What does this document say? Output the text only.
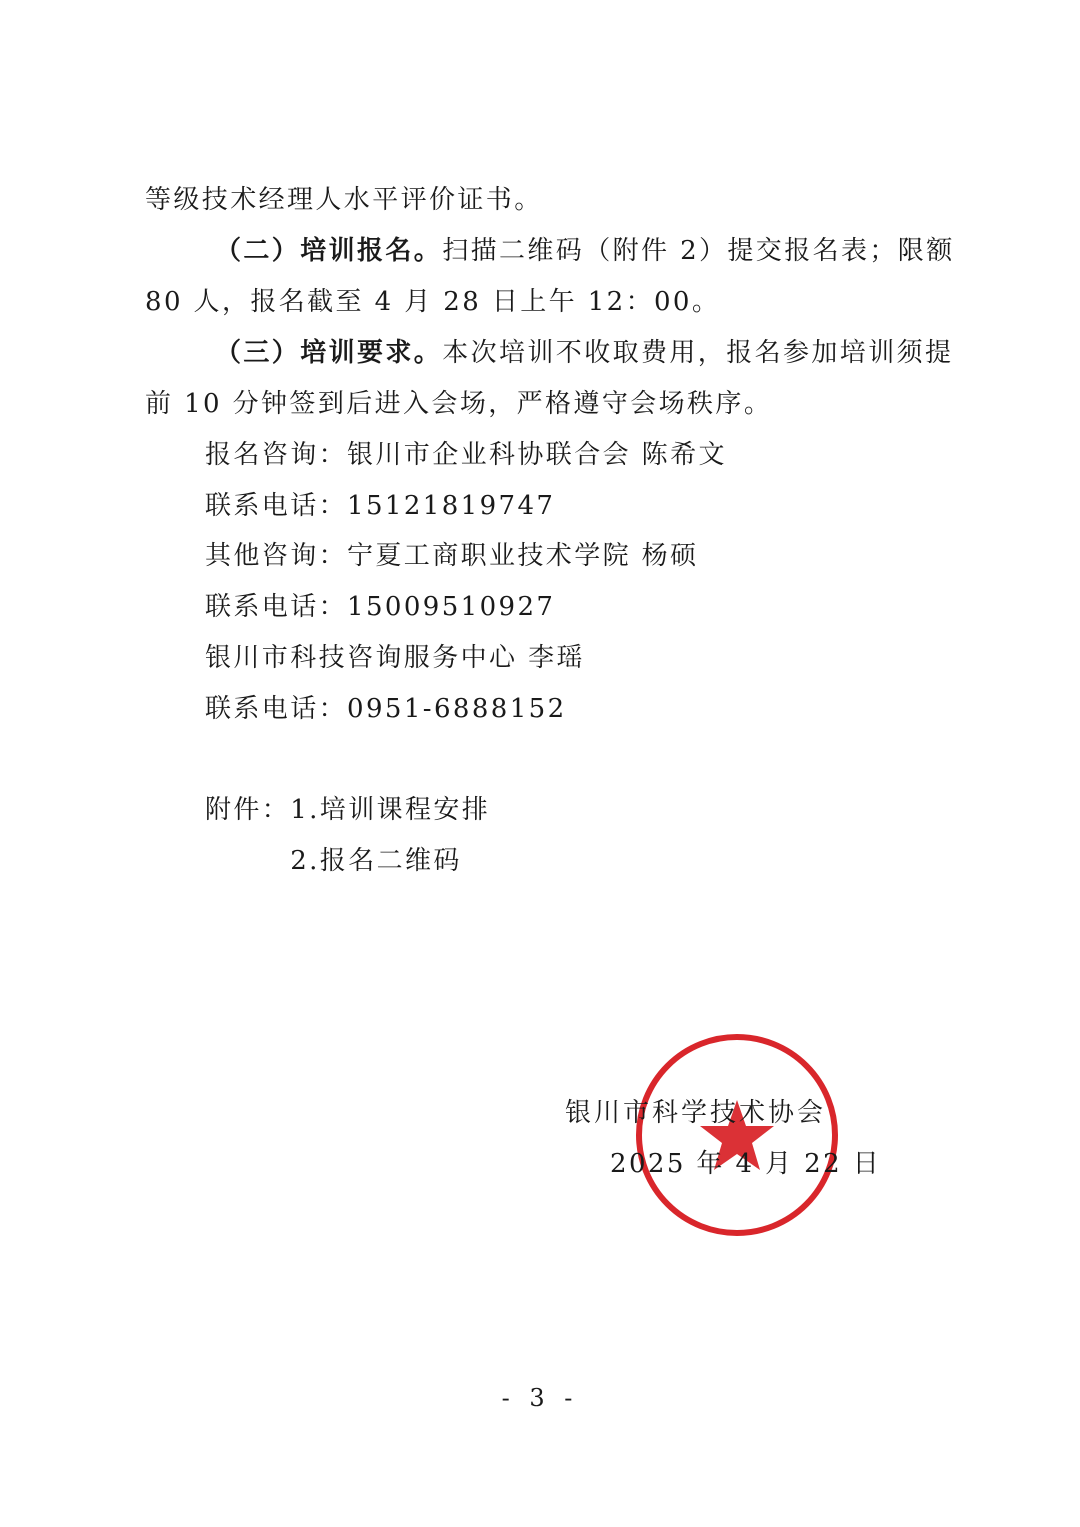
等级技术经理人水平评价证书。
（二）培训报名。扫描二维码（附件 2）提交报名表；限额
80 人，报名截至 4 月 28 日上午 12：00。
（三）培训要求。本次培训不收取费用，报名参加培训须提
前 10 分钟签到后进入会场，严格遵守会场秩序。
报名咨询：银川市企业科协联合会 陈希文
联系电话：15121819747
其他咨询：宁夏工商职业技术学院 杨硕
联系电话：15009510927
银川市科技咨询服务中心 李瑶
联系电话：0951-6888152
附件：1.培训课程安排
2.报名二维码
银川市科学技术协会
2025 年 4 月 22 日
- 3 -
